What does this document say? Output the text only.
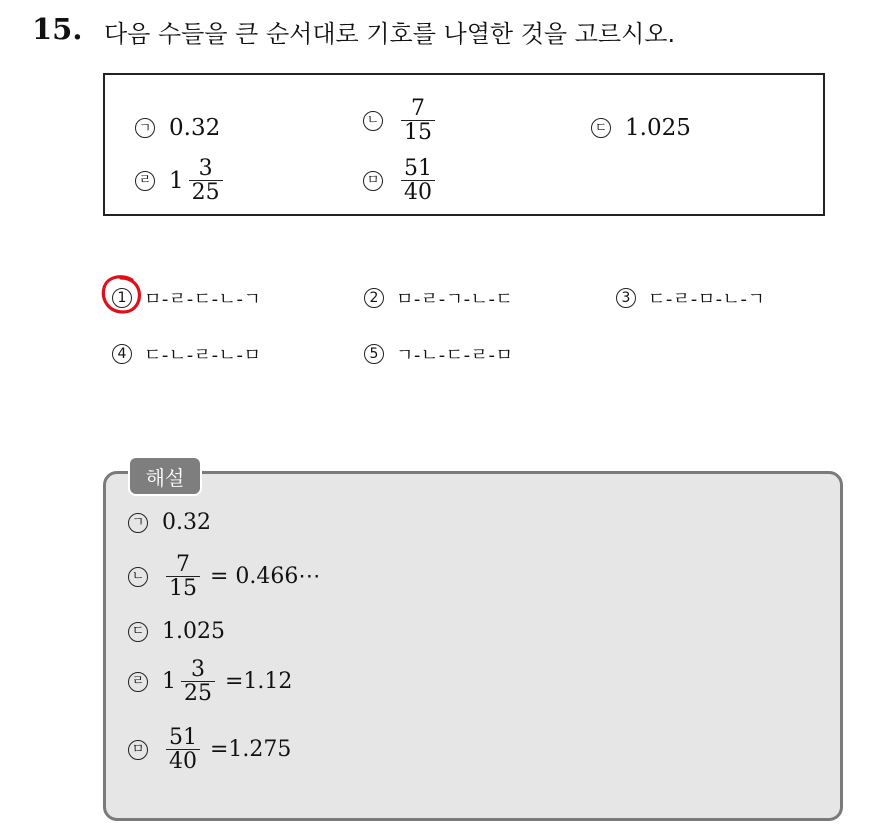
15. 다음 수들을 큰 순서대로 기호를 나열한 것을 고르시오.
ㄱ 0.32	ㄴ $\frac{7}{15}$	ㄷ 1.025
ㄹ $1 \frac{3}{25}$	ㅁ $\frac{51}{40}$
1 ㅁ-ㄹ-ㄷ-ㄴ-ㄱ	2 ㅁ-ㄹ-ㄱ-ㄴ-ㄷ	3 ㄷ-ㄹ-ㅁ-ㄴ-ㄱ
4 ㄷ-ㄴ-ㄹ-ㄴ-ㅁ	5 ㄱ-ㄴ-ㄷ-ㄹ-ㅁ
해설
ㄱ 0.32
ㄴ $\frac{7}{15}$ = 0.466⋯
ㄷ 1.025
ㄹ $1 \frac{3}{25} =1.12$
ㅁ $\frac{51}{40} =1.275$
